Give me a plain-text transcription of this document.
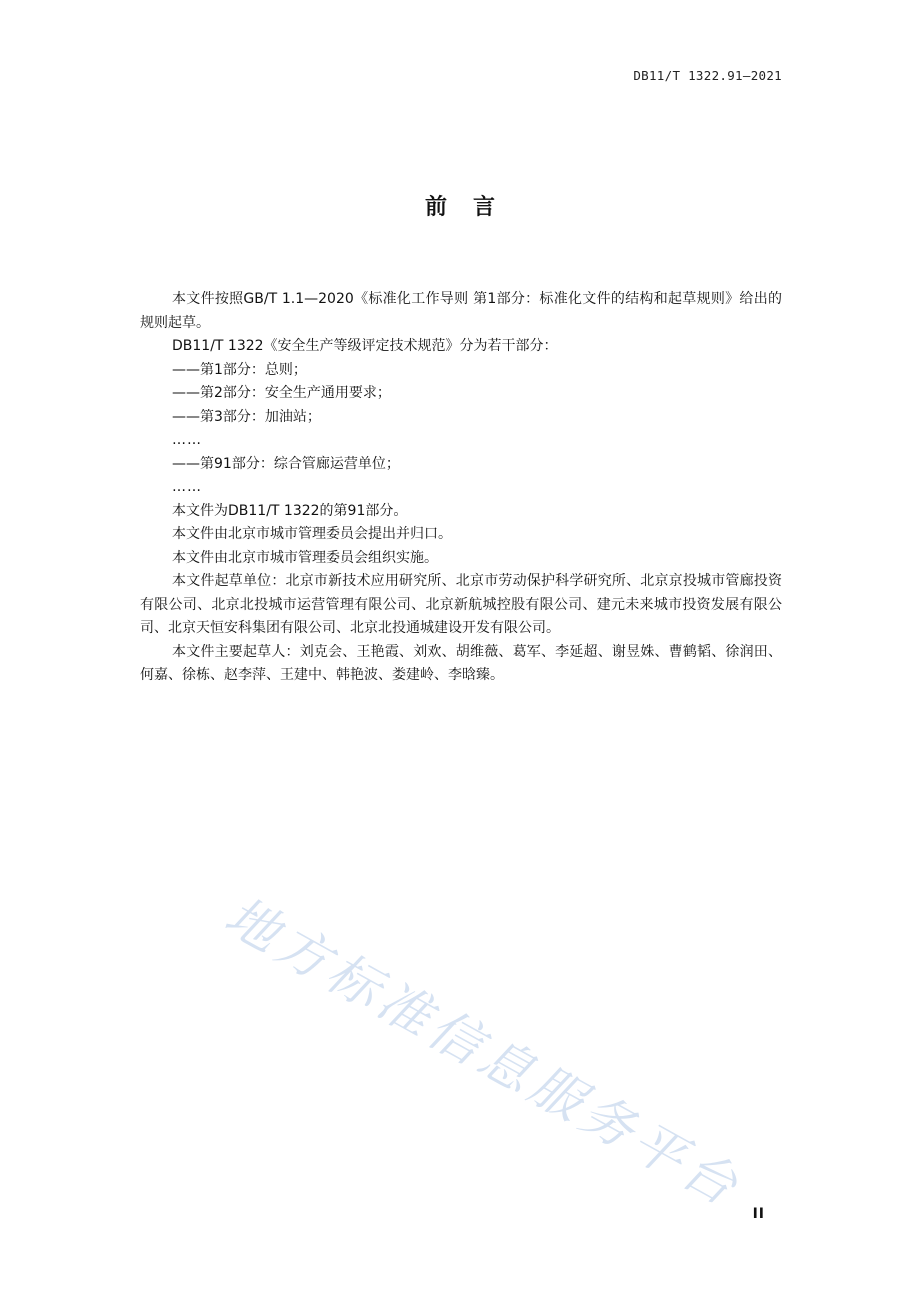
DB11/T 1322.91—2021
前言

本文件按照GB/T 1.1—2020《标准化工作导则 第1部分：标准化文件的结构和起草规则》给出的规则起草。

DB11/T 1322《安全生产等级评定技术规范》分为若干部分：

——第1部分：总则；

——第2部分：安全生产通用要求；

——第3部分：加油站；

……

——第91部分：综合管廊运营单位；

……

本文件为DB11/T 1322的第91部分。

本文件由北京市城市管理委员会提出并归口。

本文件由北京市城市管理委员会组织实施。

本文件起草单位：北京市新技术应用研究所、北京市劳动保护科学研究所、北京京投城市管廊投资有限公司、北京北投城市运营管理有限公司、北京新航城控股有限公司、建元未来城市投资发展有限公司、北京天恒安科集团有限公司、北京北投通城建设开发有限公司。

本文件主要起草人：刘克会、王艳霞、刘欢、胡维薇、葛军、李延超、谢昱姝、曹鹤韬、徐润田、何嘉、徐栋、赵李萍、王建中、韩艳波、娄建岭、李晗臻。

地方标准信息服务平台 II
